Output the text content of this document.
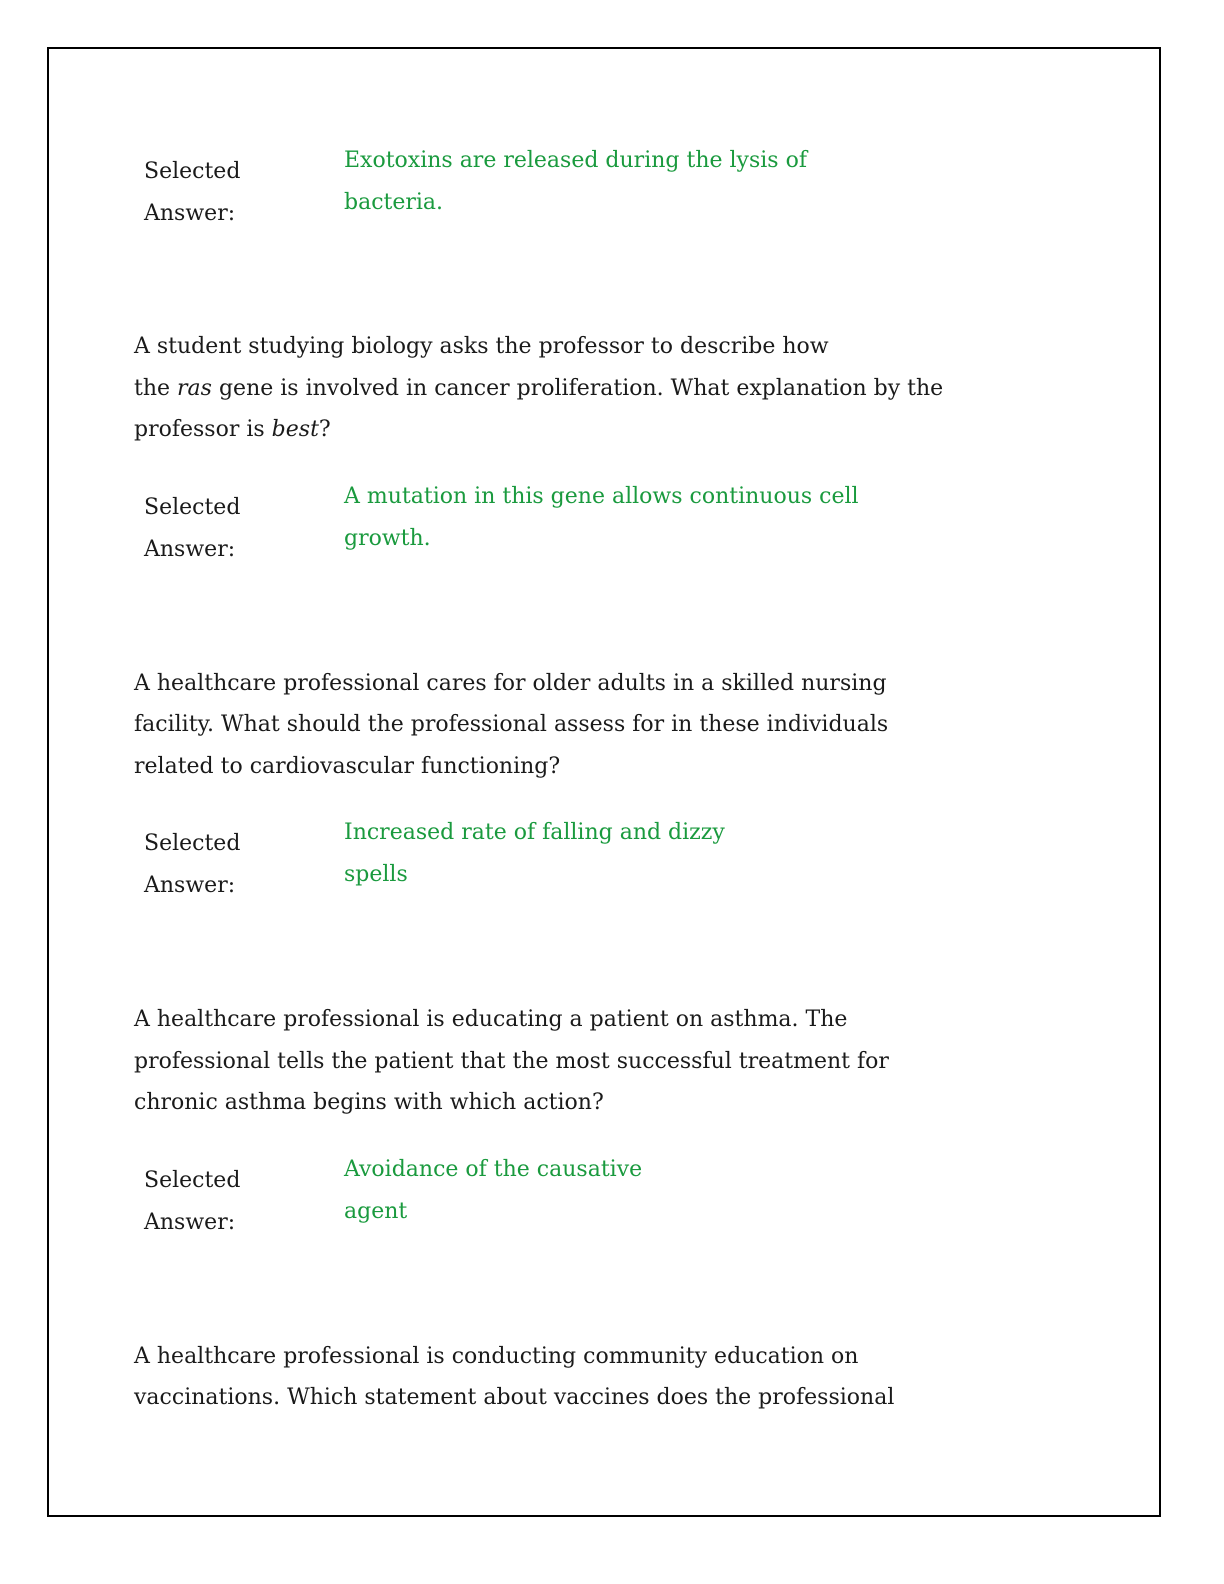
Selected
Answer:
Exotoxins are released during the lysis of
bacteria.

A student studying biology asks the professor to describe how

the ras gene is involved in cancer proliferation. What explanation by the

professor is best?

Selected
Answer:
A mutation in this gene allows continuous cell
growth.

A healthcare professional cares for older adults in a skilled nursing

facility. What should the professional assess for in these individuals

related to cardiovascular functioning?

Selected
Answer:
Increased rate of falling and dizzy
spells

A healthcare professional is educating a patient on asthma. The

professional tells the patient that the most successful treatment for

chronic asthma begins with which action?

Selected
Answer:
Avoidance of the causative
agent

A healthcare professional is conducting community education on

vaccinations. Which statement about vaccines does the professional
